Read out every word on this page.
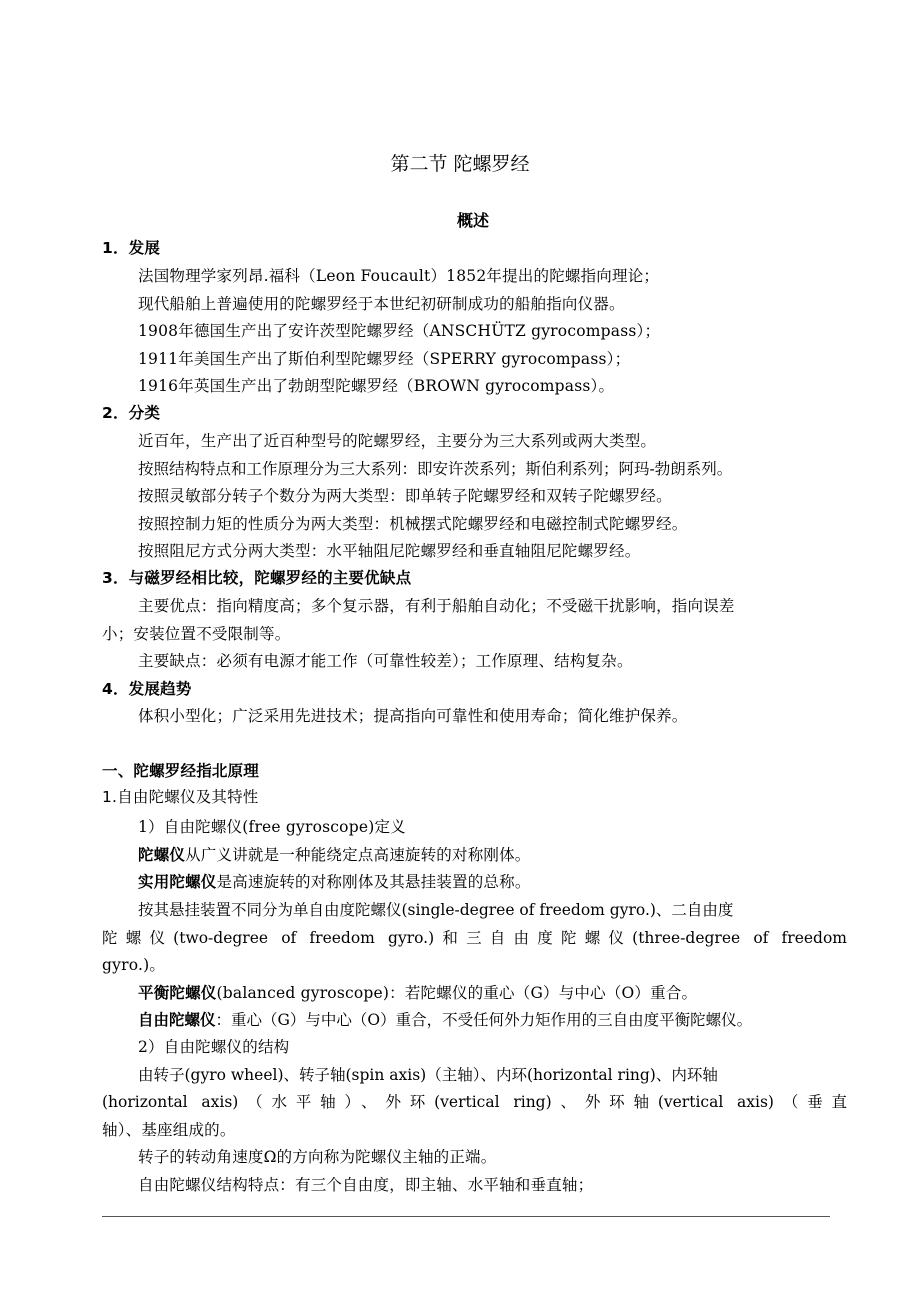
第二节 陀螺罗经
概述
1．发展
法国物理学家列昂.福科（Leon Foucault）1852年提出的陀螺指向理论；
现代船舶上普遍使用的陀螺罗经于本世纪初研制成功的船舶指向仪器。
1908年德国生产出了安许茨型陀螺罗经（ANSCHÜTZ gyrocompass）；
1911年美国生产出了斯伯利型陀螺罗经（SPERRY gyrocompass）；
1916年英国生产出了勃朗型陀螺罗经（BROWN gyrocompass）。
2．分类
近百年，生产出了近百种型号的陀螺罗经，主要分为三大系列或两大类型。
按照结构特点和工作原理分为三大系列：即安许茨系列；斯伯利系列；阿玛-勃朗系列。
按照灵敏部分转子个数分为两大类型：即单转子陀螺罗经和双转子陀螺罗经。
按照控制力矩的性质分为两大类型：机械摆式陀螺罗经和电磁控制式陀螺罗经。
按照阻尼方式分两大类型：水平轴阻尼陀螺罗经和垂直轴阻尼陀螺罗经。
3．与磁罗经相比较，陀螺罗经的主要优缺点
主要优点：指向精度高；多个复示器，有利于船舶自动化；不受磁干扰影响，指向误差
小；安装位置不受限制等。
主要缺点：必须有电源才能工作（可靠性较差）；工作原理、结构复杂。
4．发展趋势
体积小型化；广泛采用先进技术；提高指向可靠性和使用寿命；简化维护保养。
一、陀螺罗经指北原理
1.自由陀螺仪及其特性
1）自由陀螺仪(free gyroscope)定义
陀螺仪从广义讲就是一种能绕定点高速旋转的对称刚体。
实用陀螺仪是高速旋转的对称刚体及其悬挂装置的总称。
按其悬挂装置不同分为单自由度陀螺仪(single-degree of freedom gyro.)、二自由度
陀螺仪(two-degree of freedom gyro.)和三自由度陀螺仪(three-degree of freedom
gyro.)。
平衡陀螺仪(balanced gyroscope)：若陀螺仪的重心（G）与中心（O）重合。
自由陀螺仪：重心（G）与中心（O）重合，不受任何外力矩作用的三自由度平衡陀螺仪。
2）自由陀螺仪的结构
由转子(gyro wheel)、转子轴(spin axis)（主轴）、内环(horizontal ring)、内环轴
(horizontal axis)（水平轴）、外环(vertical ring)、外环轴(vertical axis)（垂直
轴）、基座组成的。
转子的转动角速度Ω的方向称为陀螺仪主轴的正端。
自由陀螺仪结构特点：有三个自由度，即主轴、水平轴和垂直轴；
